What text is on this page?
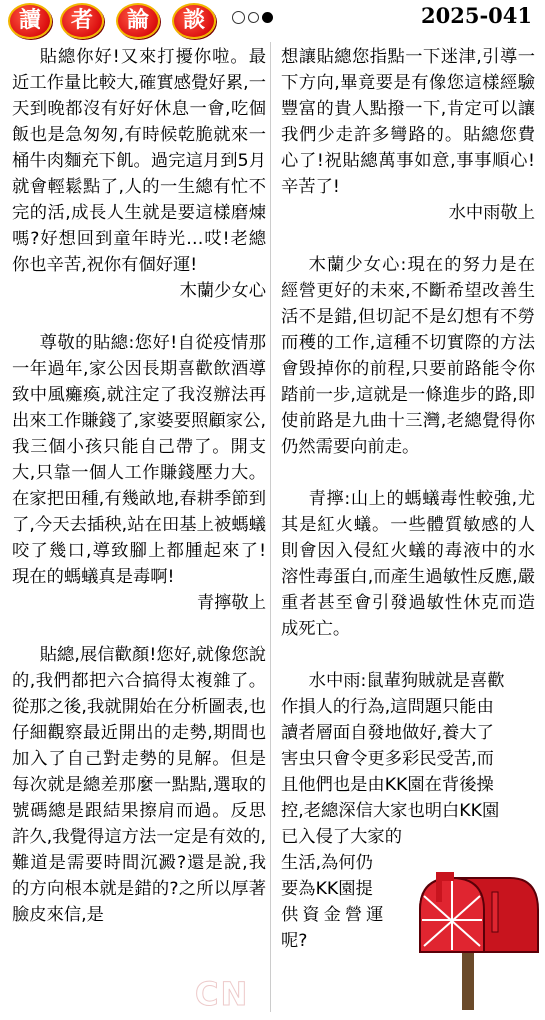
讀	者	論	談	2025-041

貼總你好!又來打擾你啦。最近工作量比較大,確實感覺好累,一天到晚都沒有好好休息一會,吃個飯也是急匆匆,有時候乾脆就來一桶牛肉麵充下飢。過完這月到5月就會輕鬆點了,人的一生總有忙不完的活,成長人生就是要這樣磨煉嗎?好想回到童年時光…哎!老總你也辛苦,祝你有個好運!

木蘭少女心

尊敬的貼總:您好!自從疫情那一年過年,家公因長期喜歡飲酒導致中風癱瘓,就注定了我沒辦法再出來工作賺錢了,家婆要照顧家公,我三個小孩只能自己帶了。開支大,只靠一個人工作賺錢壓力大。在家把田種,有幾畝地,春耕季節到了,今天去插秧,站在田基上被螞蟻咬了幾口,導致腳上都腫起來了!現在的螞蟻真是毒啊!

青擰敬上

貼總,展信歡顏!您好,就像您說的,我們都把六合搞得太複雜了。從那之後,我就開始在分析圖表,也仔細觀察最近開出的走勢,期間也加入了自己對走勢的見解。但是每次就是總差那麼一點點,選取的號碼總是跟結果擦肩而過。反思許久,我覺得這方法一定是有效的,難道是需要時間沉澱?還是說,我的方向根本就是錯的?之所以厚著臉皮來信,是

想讓貼總您指點一下迷津,引導一下方向,畢竟要是有像您這樣經驗豐富的貴人點撥一下,肯定可以讓我們少走許多彎路的。貼總您費心了!祝貼總萬事如意,事事順心!辛苦了!

水中雨敬上

木蘭少女心:現在的努力是在經營更好的未來,不斷希望改善生活不是錯,但切記不是幻想有不勞而穫的工作,這種不切實際的方法會毀掉你的前程,只要前路能令你踏前一步,這就是一條進步的路,即使前路是九曲十三灣,老總覺得你仍然需要向前走。

青擰:山上的螞蟻毒性較強,尤其是紅火蟻。一些體質敏感的人則會因入侵紅火蟻的毒液中的水溶性毒蛋白,而產生過敏性反應,嚴重者甚至會引發過敏性休克而造成死亡。

水中雨:鼠輩狗賊就是喜歡
作損人的行為,這問題只能由
讀者層面自發地做好,養大了
害虫只會令更多彩民受苦,而
且他們也是由KK園在背後操
控,老總深信大家也明白KK園
已入侵了大家的
生活,為何仍
要為KK園提
供資金營運
呢?
CN
